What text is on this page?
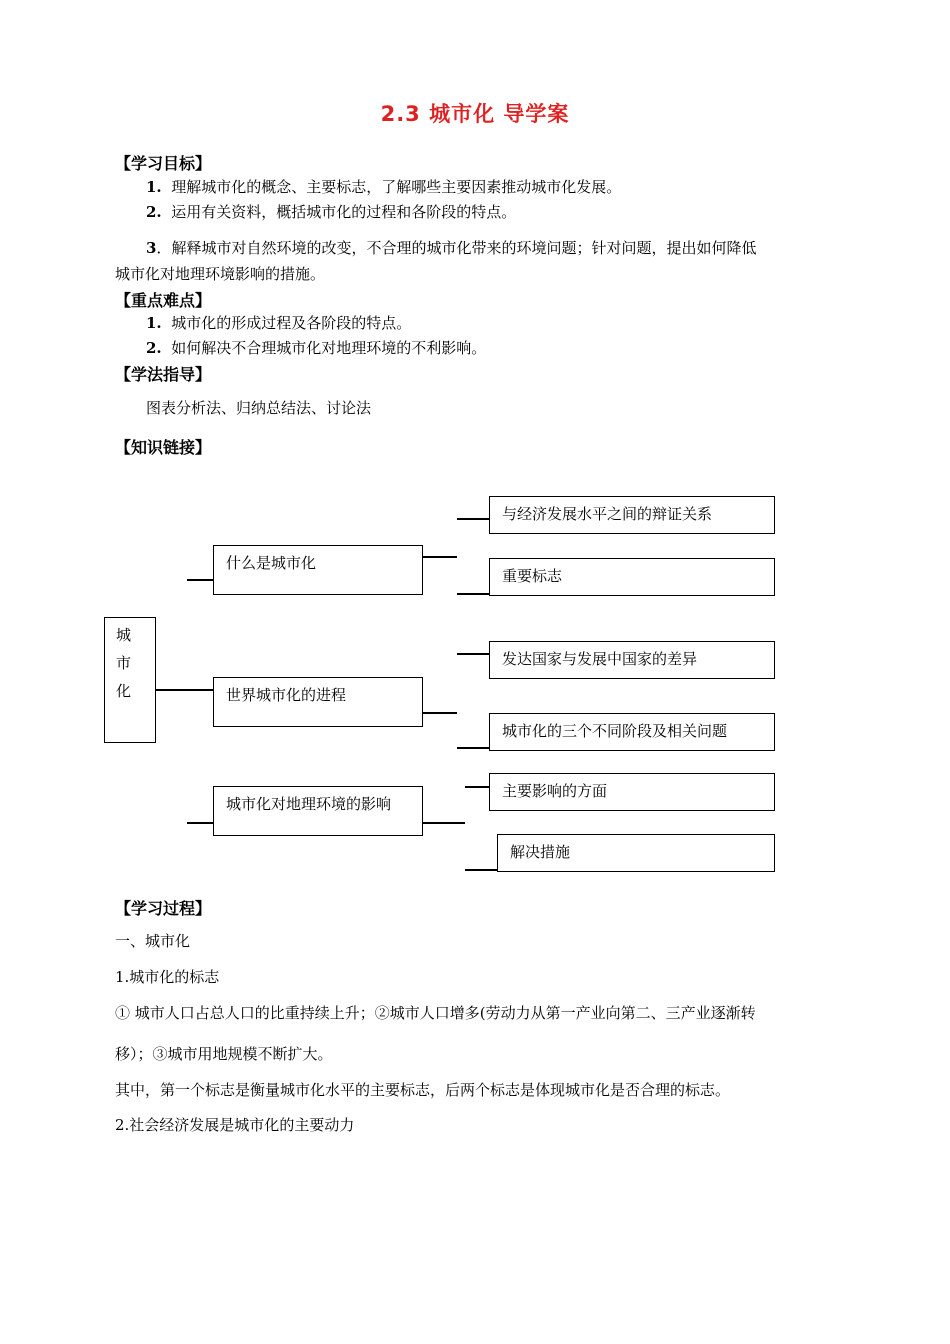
2.3 城市化 导学案
【学习目标】
1. 理解城市化的概念、主要标志，了解哪些主要因素推动城市化发展。
2. 运用有关资料，概括城市化的过程和各阶段的特点。
3．解释城市对自然环境的改变，不合理的城市化带来的环境问题；针对问题，提出如何降低
城市化对地理环境影响的措施。
【重点难点】
1. 城市化的形成过程及各阶段的特点。
2. 如何解决不合理城市化对地理环境的不利影响。
【学法指导】
图表分析法、归纳总结法、讨论法
【知识链接】
城
市
化
什么是城市化
与经济发展水平之间的辩证关系
重要标志
世界城市化的进程
发达国家与发展中国家的差异
城市化的三个不同阶段及相关问题
城市化对地理环境的影响
主要影响的方面
解决措施
【学习过程】
一、城市化
1.城市化的标志
① 城市人口占总人口的比重持续上升；②城市人口增多(劳动力从第一产业向第二、三产业逐渐转
移）；③城市用地规模不断扩大。
其中，第一个标志是衡量城市化水平的主要标志，后两个标志是体现城市化是否合理的标志。
2.社会经济发展是城市化的主要动力
